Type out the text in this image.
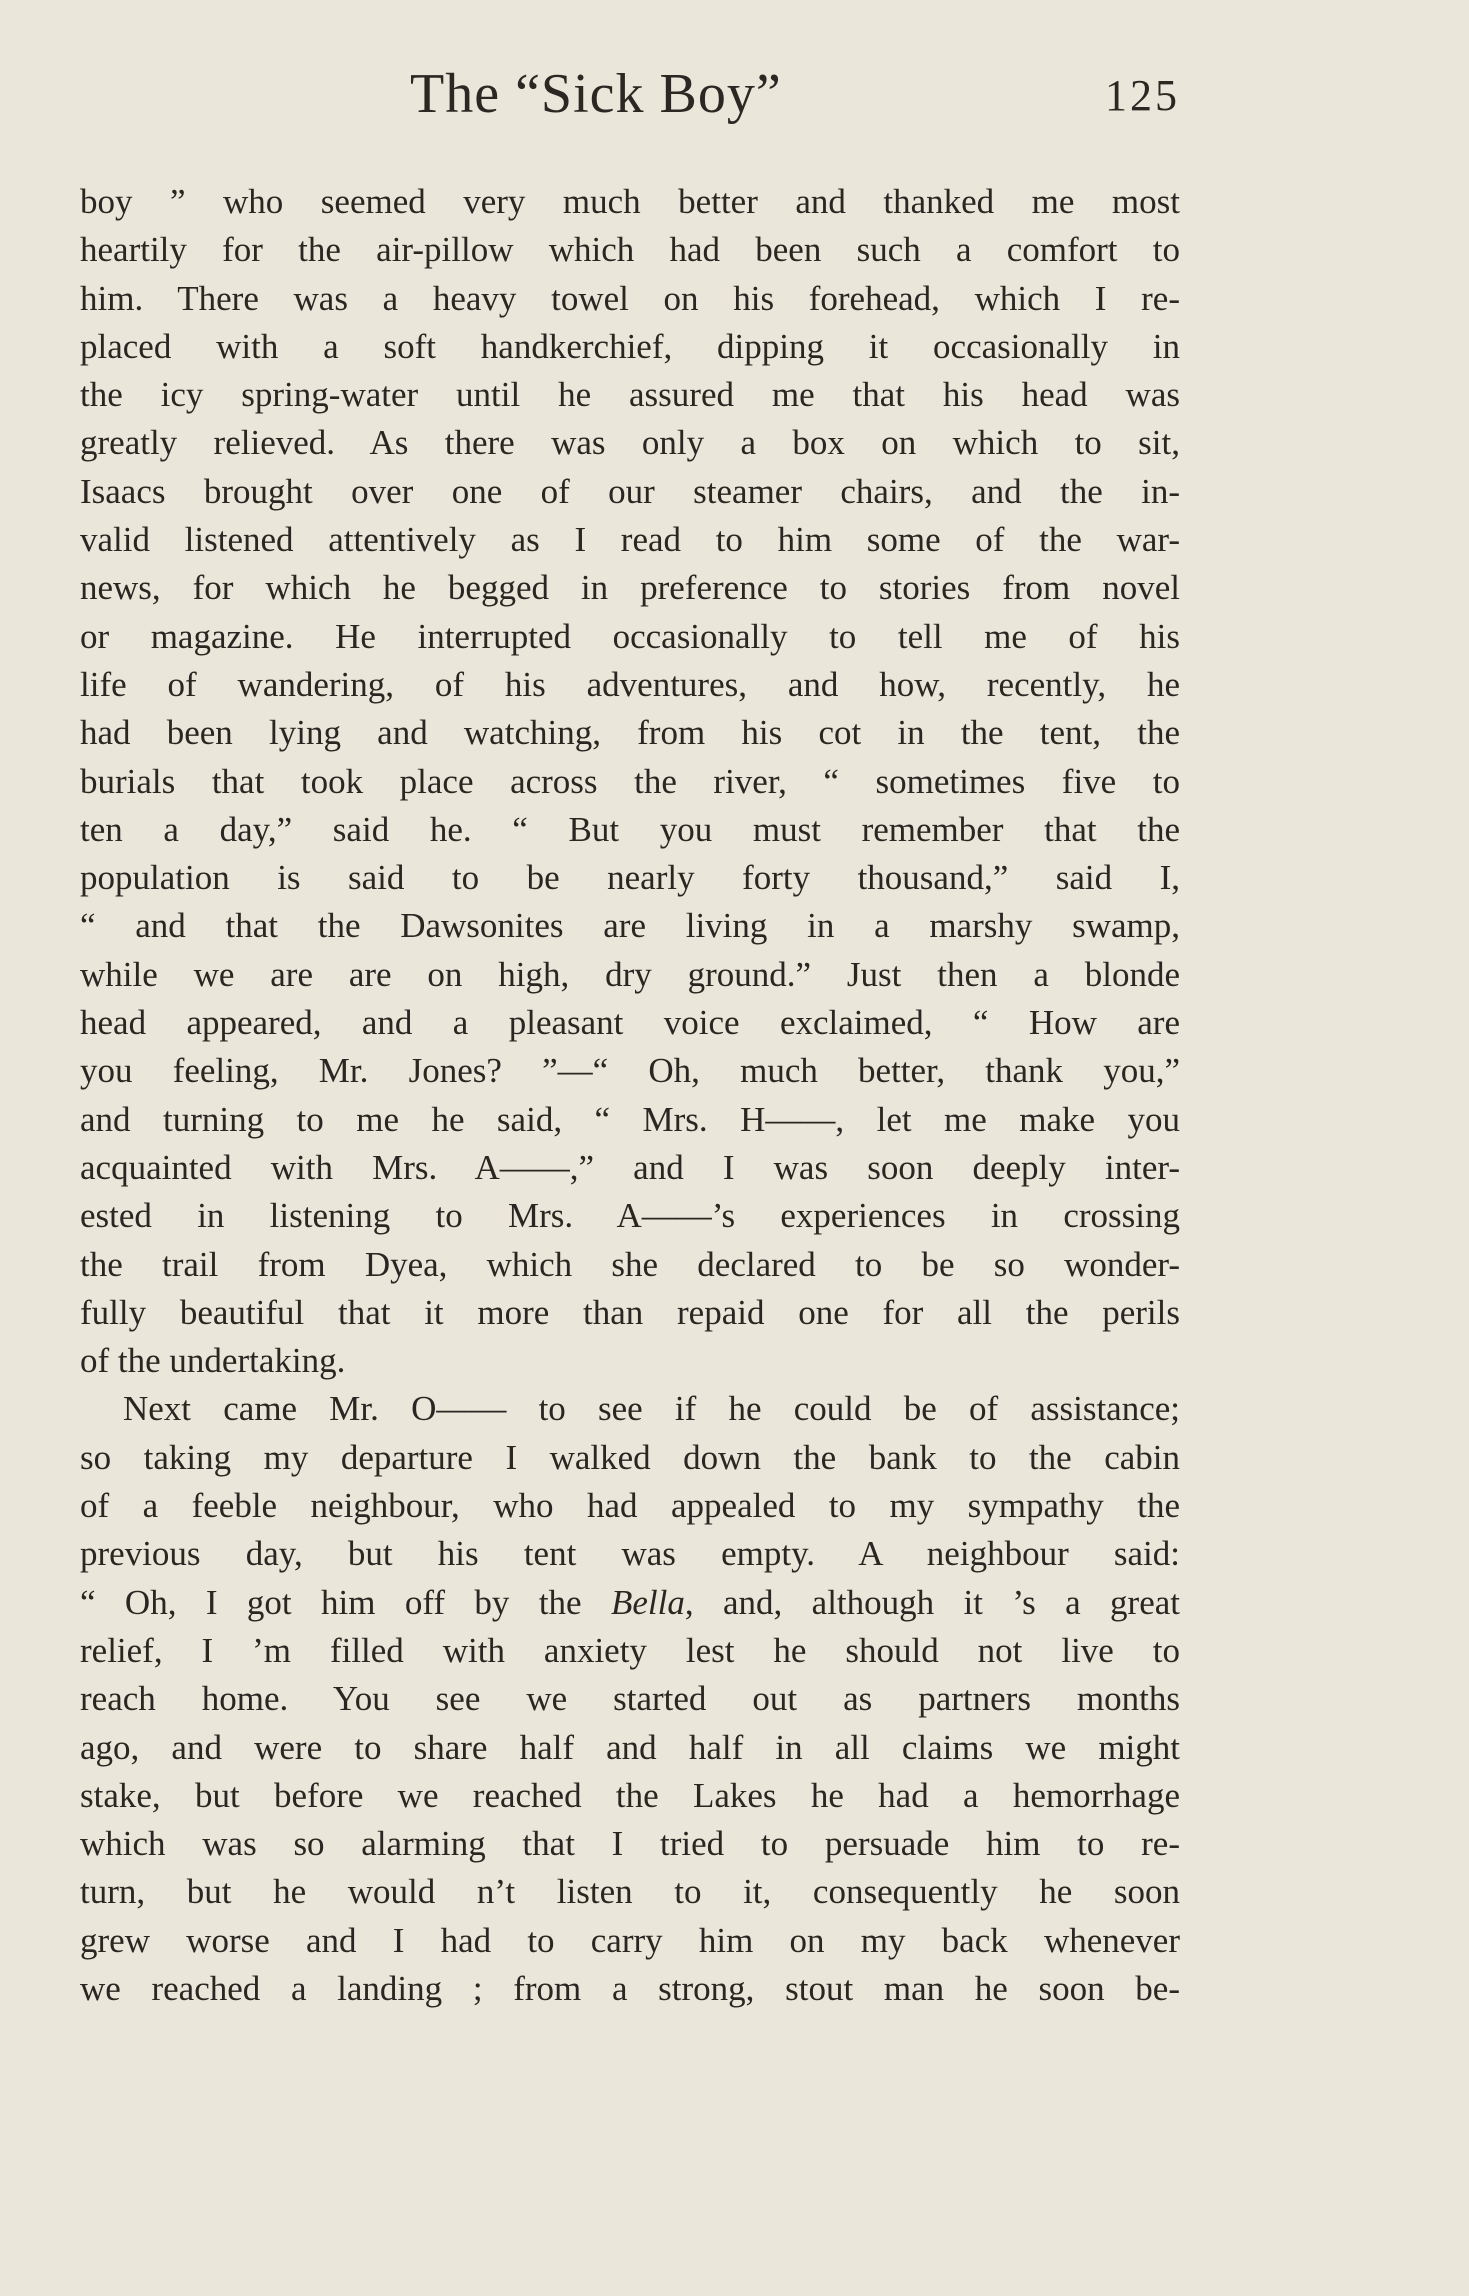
The “Sick Boy”	125
boy ” who seemed very much better and thanked me most
heartily for the air-pillow which had been such a comfort to
him. There was a heavy towel on his forehead, which I re-
placed with a soft handkerchief, dipping it occasionally in
the icy spring-water until he assured me that his head was
greatly relieved. As there was only a box on which to sit,
Isaacs brought over one of our steamer chairs, and the in-
valid listened attentively as I read to him some of the war-
news, for which he begged in preference to stories from novel
or magazine. He interrupted occasionally to tell me of his
life of wandering, of his adventures, and how, recently, he
had been lying and watching, from his cot in the tent, the
burials that took place across the river, “ sometimes five to
ten a day,” said he. “ But you must remember that the
population is said to be nearly forty thousand,” said I,
“ and that the Dawsonites are living in a marshy swamp,
while we are are on high, dry ground.” Just then a blonde
head appeared, and a pleasant voice exclaimed, “ How are
you feeling, Mr. Jones? ”—“ Oh, much better, thank you,”
and turning to me he said, “ Mrs. H——, let me make you
acquainted with Mrs. A——,” and I was soon deeply inter-
ested in listening to Mrs. A——’s experiences in crossing
the trail from Dyea, which she declared to be so wonder-
fully beautiful that it more than repaid one for all the perils
of the undertaking.
Next came Mr. O—— to see if he could be of assistance;
so taking my departure I walked down the bank to the cabin
of a feeble neighbour, who had appealed to my sympathy the
previous day, but his tent was empty. A neighbour said:
“ Oh, I got him off by the Bella, and, although it ’s a great
relief, I ’m filled with anxiety lest he should not live to
reach home. You see we started out as partners months
ago, and were to share half and half in all claims we might
stake, but before we reached the Lakes he had a hemorrhage
which was so alarming that I tried to persuade him to re-
turn, but he would n’t listen to it, consequently he soon
grew worse and I had to carry him on my back whenever
we reached a landing ; from a strong, stout man he soon be-
